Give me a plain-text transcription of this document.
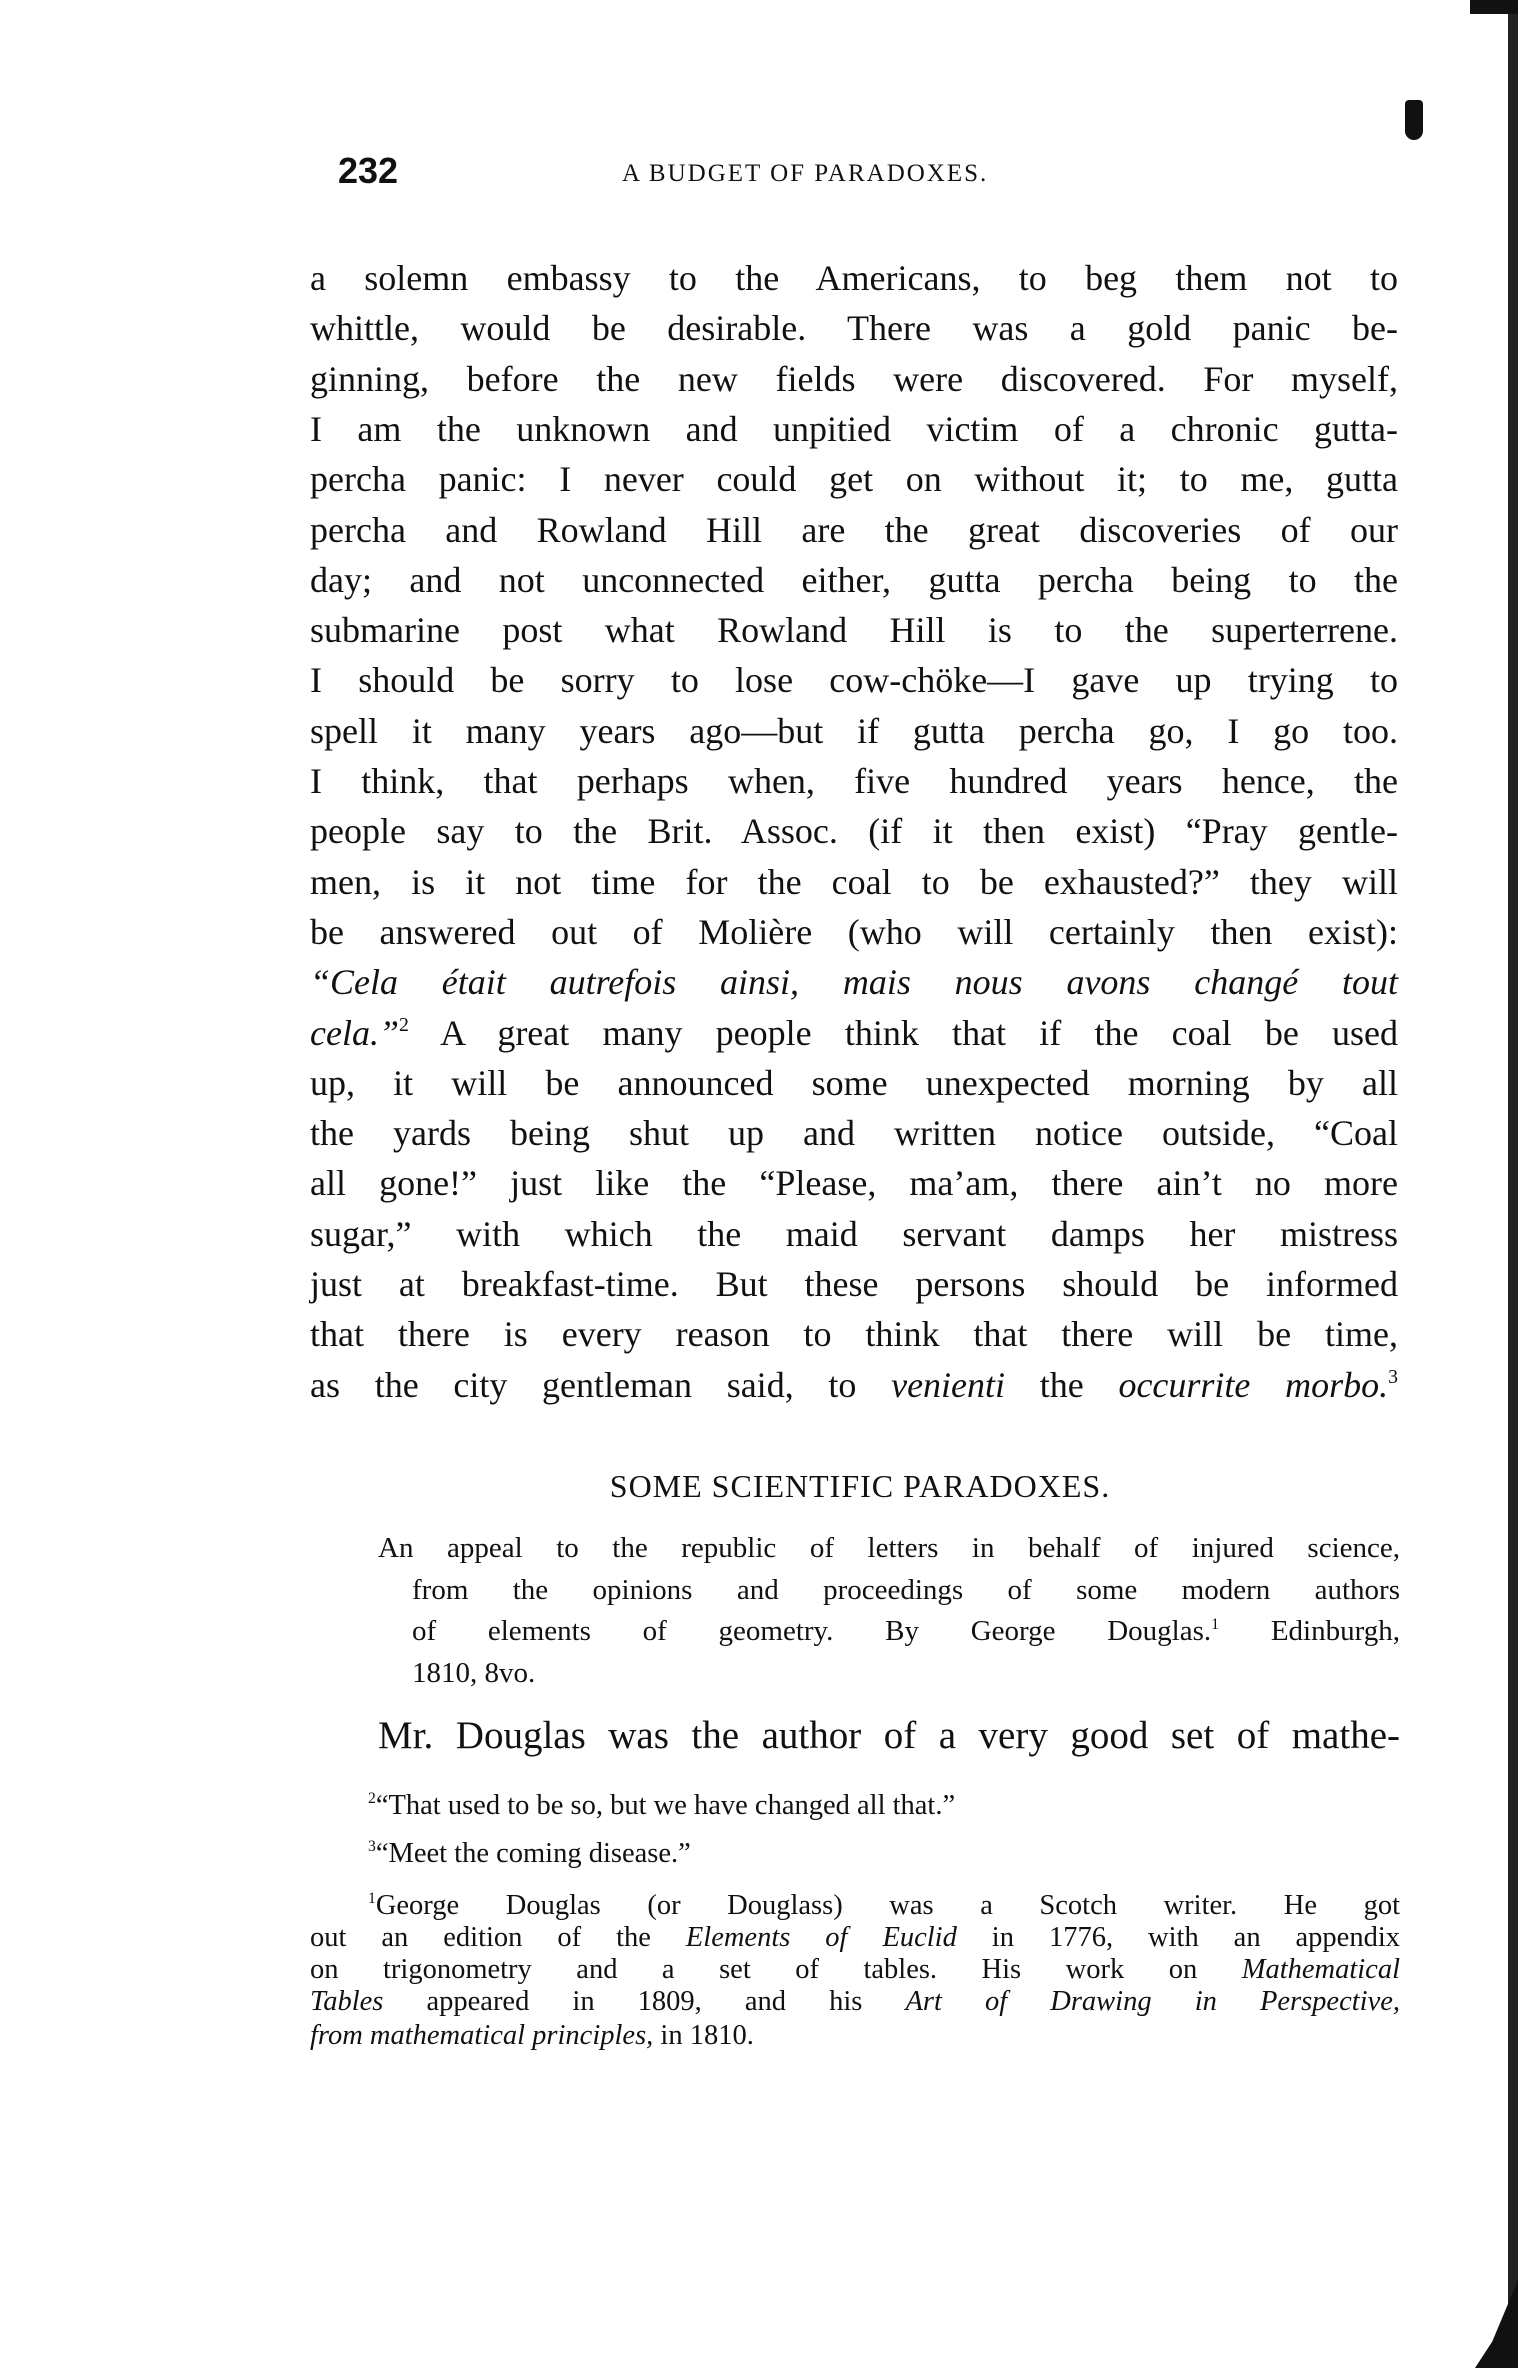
232	A BUDGET OF PARADOXES.
a solemn embassy to the Americans, to beg them not to
whittle, would be desirable. There was a gold panic be-
ginning, before the new fields were discovered. For myself,
I am the unknown and unpitied victim of a chronic gutta-
percha panic: I never could get on without it; to me, gutta
percha and Rowland Hill are the great discoveries of our
day; and not unconnected either, gutta percha being to the
submarine post what Rowland Hill is to the superterrene.
I should be sorry to lose cow-chöke—I gave up trying to
spell it many years ago—but if gutta percha go, I go too.
I think, that perhaps when, five hundred years hence, the
people say to the Brit. Assoc. (if it then exist) “Pray gentle-
men, is it not time for the coal to be exhausted?” they will
be answered out of Molière (who will certainly then exist):
“Cela était autrefois ainsi, mais nous avons changé tout
cela.”$^2$ A great many people think that if the coal be used
up, it will be announced some unexpected morning by all
the yards being shut up and written notice outside, “Coal
all gone!” just like the “Please, ma’am, there ain’t no more
sugar,” with which the maid servant damps her mistress
just at breakfast-time. But these persons should be informed
that there is every reason to think that there will be time,
as the city gentleman said, to venienti the occurrite morbo.$^3$
SOME SCIENTIFIC PARADOXES.
An appeal to the republic of letters in behalf of injured science,
from the opinions and proceedings of some modern authors
of elements of geometry. By George Douglas.$^1$ Edinburgh,
1810, 8vo.
Mr. Douglas was the author of a very good set of mathe-
$^2$“That used to be so, but we have changed all that.”
$^3$“Meet the coming disease.”
$^1$George Douglas (or Douglass) was a Scotch writer. He got
out an edition of the Elements of Euclid in 1776, with an appendix
on trigonometry and a set of tables. His work on Mathematical
Tables appeared in 1809, and his Art of Drawing in Perspective,
from mathematical principles, in 1810.
